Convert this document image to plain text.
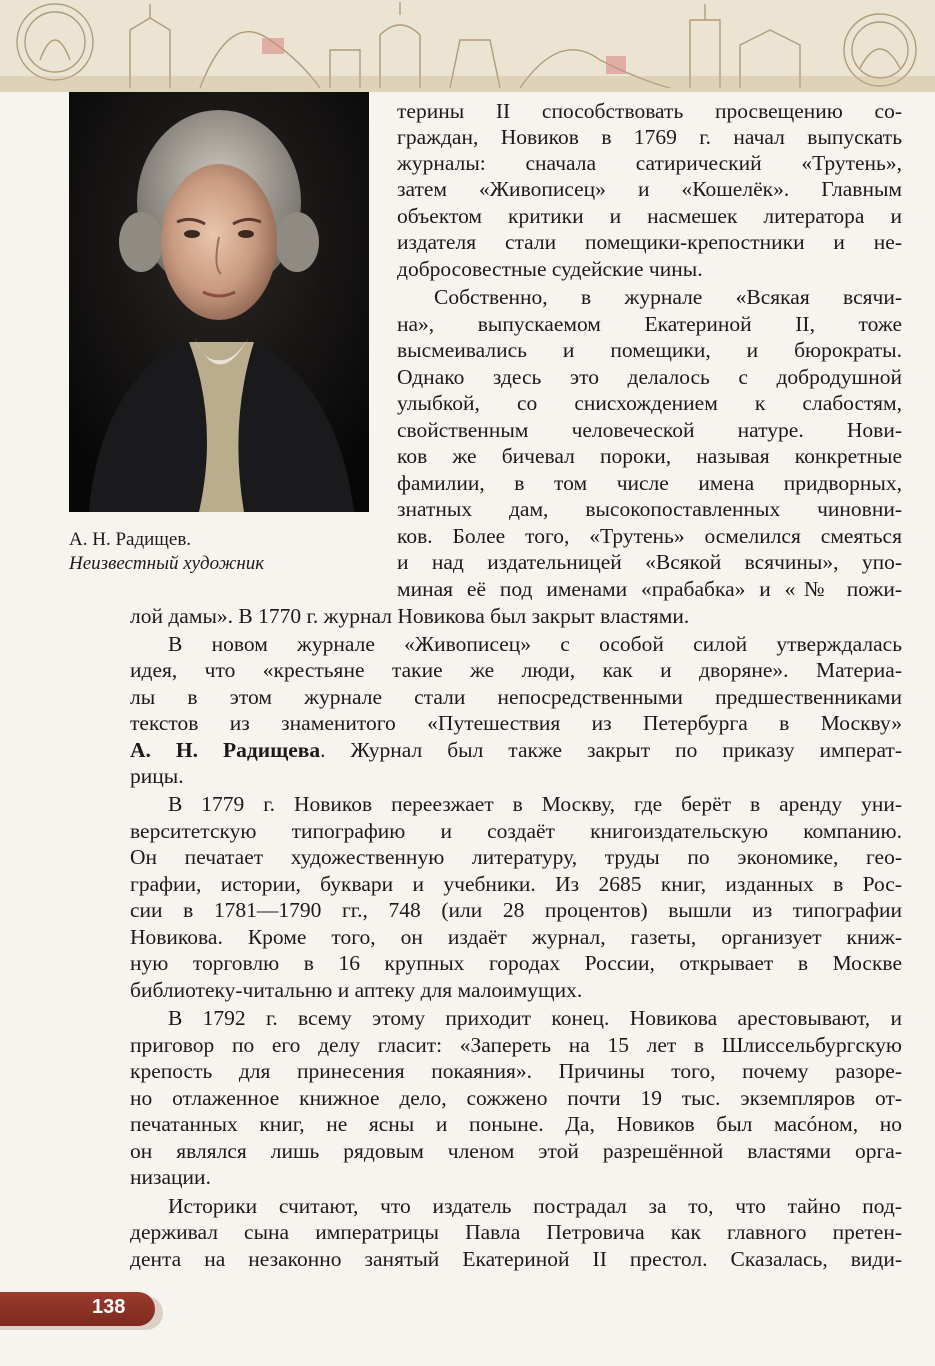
А. Н. Радищев.
Неизвестный художник
терины II способствовать просвещению со-
граждан, Новиков в 1769 г. начал выпускать
журналы: сначала сатирический «Трутень»,
затем «Живописец» и «Кошелёк». Главным
объектом критики и насмешек литератора и
издателя стали помещики-крепостники и не-
добросовестные судейские чины.
Собственно, в журнале «Всякая всячи-
на», выпускаемом Екатериной II, тоже
высмеивались и помещики, и бюрократы.
Однако здесь это делалось с добродушной
улыбкой, со снисхождением к слабостям,
свойственным человеческой натуре. Нови-
ков же бичевал пороки, называя конкретные
фамилии, в том числе имена придворных,
знатных дам, высокопоставленных чиновни-
ков. Более того, «Трутень» осмелился смеяться
и над издательницей «Всякой всячины», упо-
миная её под именами «прабабка» и «№ пожи-
лой дамы». В 1770 г. журнал Новикова был закрыт властями.
В новом журнале «Живописец» с особой силой утверждалась
идея, что «крестьяне такие же люди, как и дворяне». Материа-
лы в этом журнале стали непосредственными предшественниками
текстов из знаменитого «Путешествия из Петербурга в Москву»
А. Н. Радищева. Журнал был также закрыт по приказу императ-
рицы.
В 1779 г. Новиков переезжает в Москву, где берёт в аренду уни-
верситетскую типографию и создаёт книгоиздательскую компанию.
Он печатает художественную литературу, труды по экономике, гео-
графии, истории, буквари и учебники. Из 2685 книг, изданных в Рос-
сии в 1781—1790 гг., 748 (или 28 процентов) вышли из типографии
Новикова. Кроме того, он издаёт журнал, газеты, организует книж-
ную торговлю в 16 крупных городах России, открывает в Москве
библиотеку-читальню и аптеку для малоимущих.
В 1792 г. всему этому приходит конец. Новикова арестовывают, и
приговор по его делу гласит: «Запереть на 15 лет в Шлиссельбургскую
крепость для принесения покаяния». Причины того, почему разоре-
но отлаженное книжное дело, сожжено почти 19 тыс. экземпляров от-
печатанных книг, не ясны и поныне. Да, Новиков был масóном, но
он являлся лишь рядовым членом этой разрешённой властями орга-
низации.
Историки считают, что издатель пострадал за то, что тайно под-
держивал сына императрицы Павла Петровича как главного претен-
дента на незаконно занятый Екатериной II престол. Сказалась, види-
138
